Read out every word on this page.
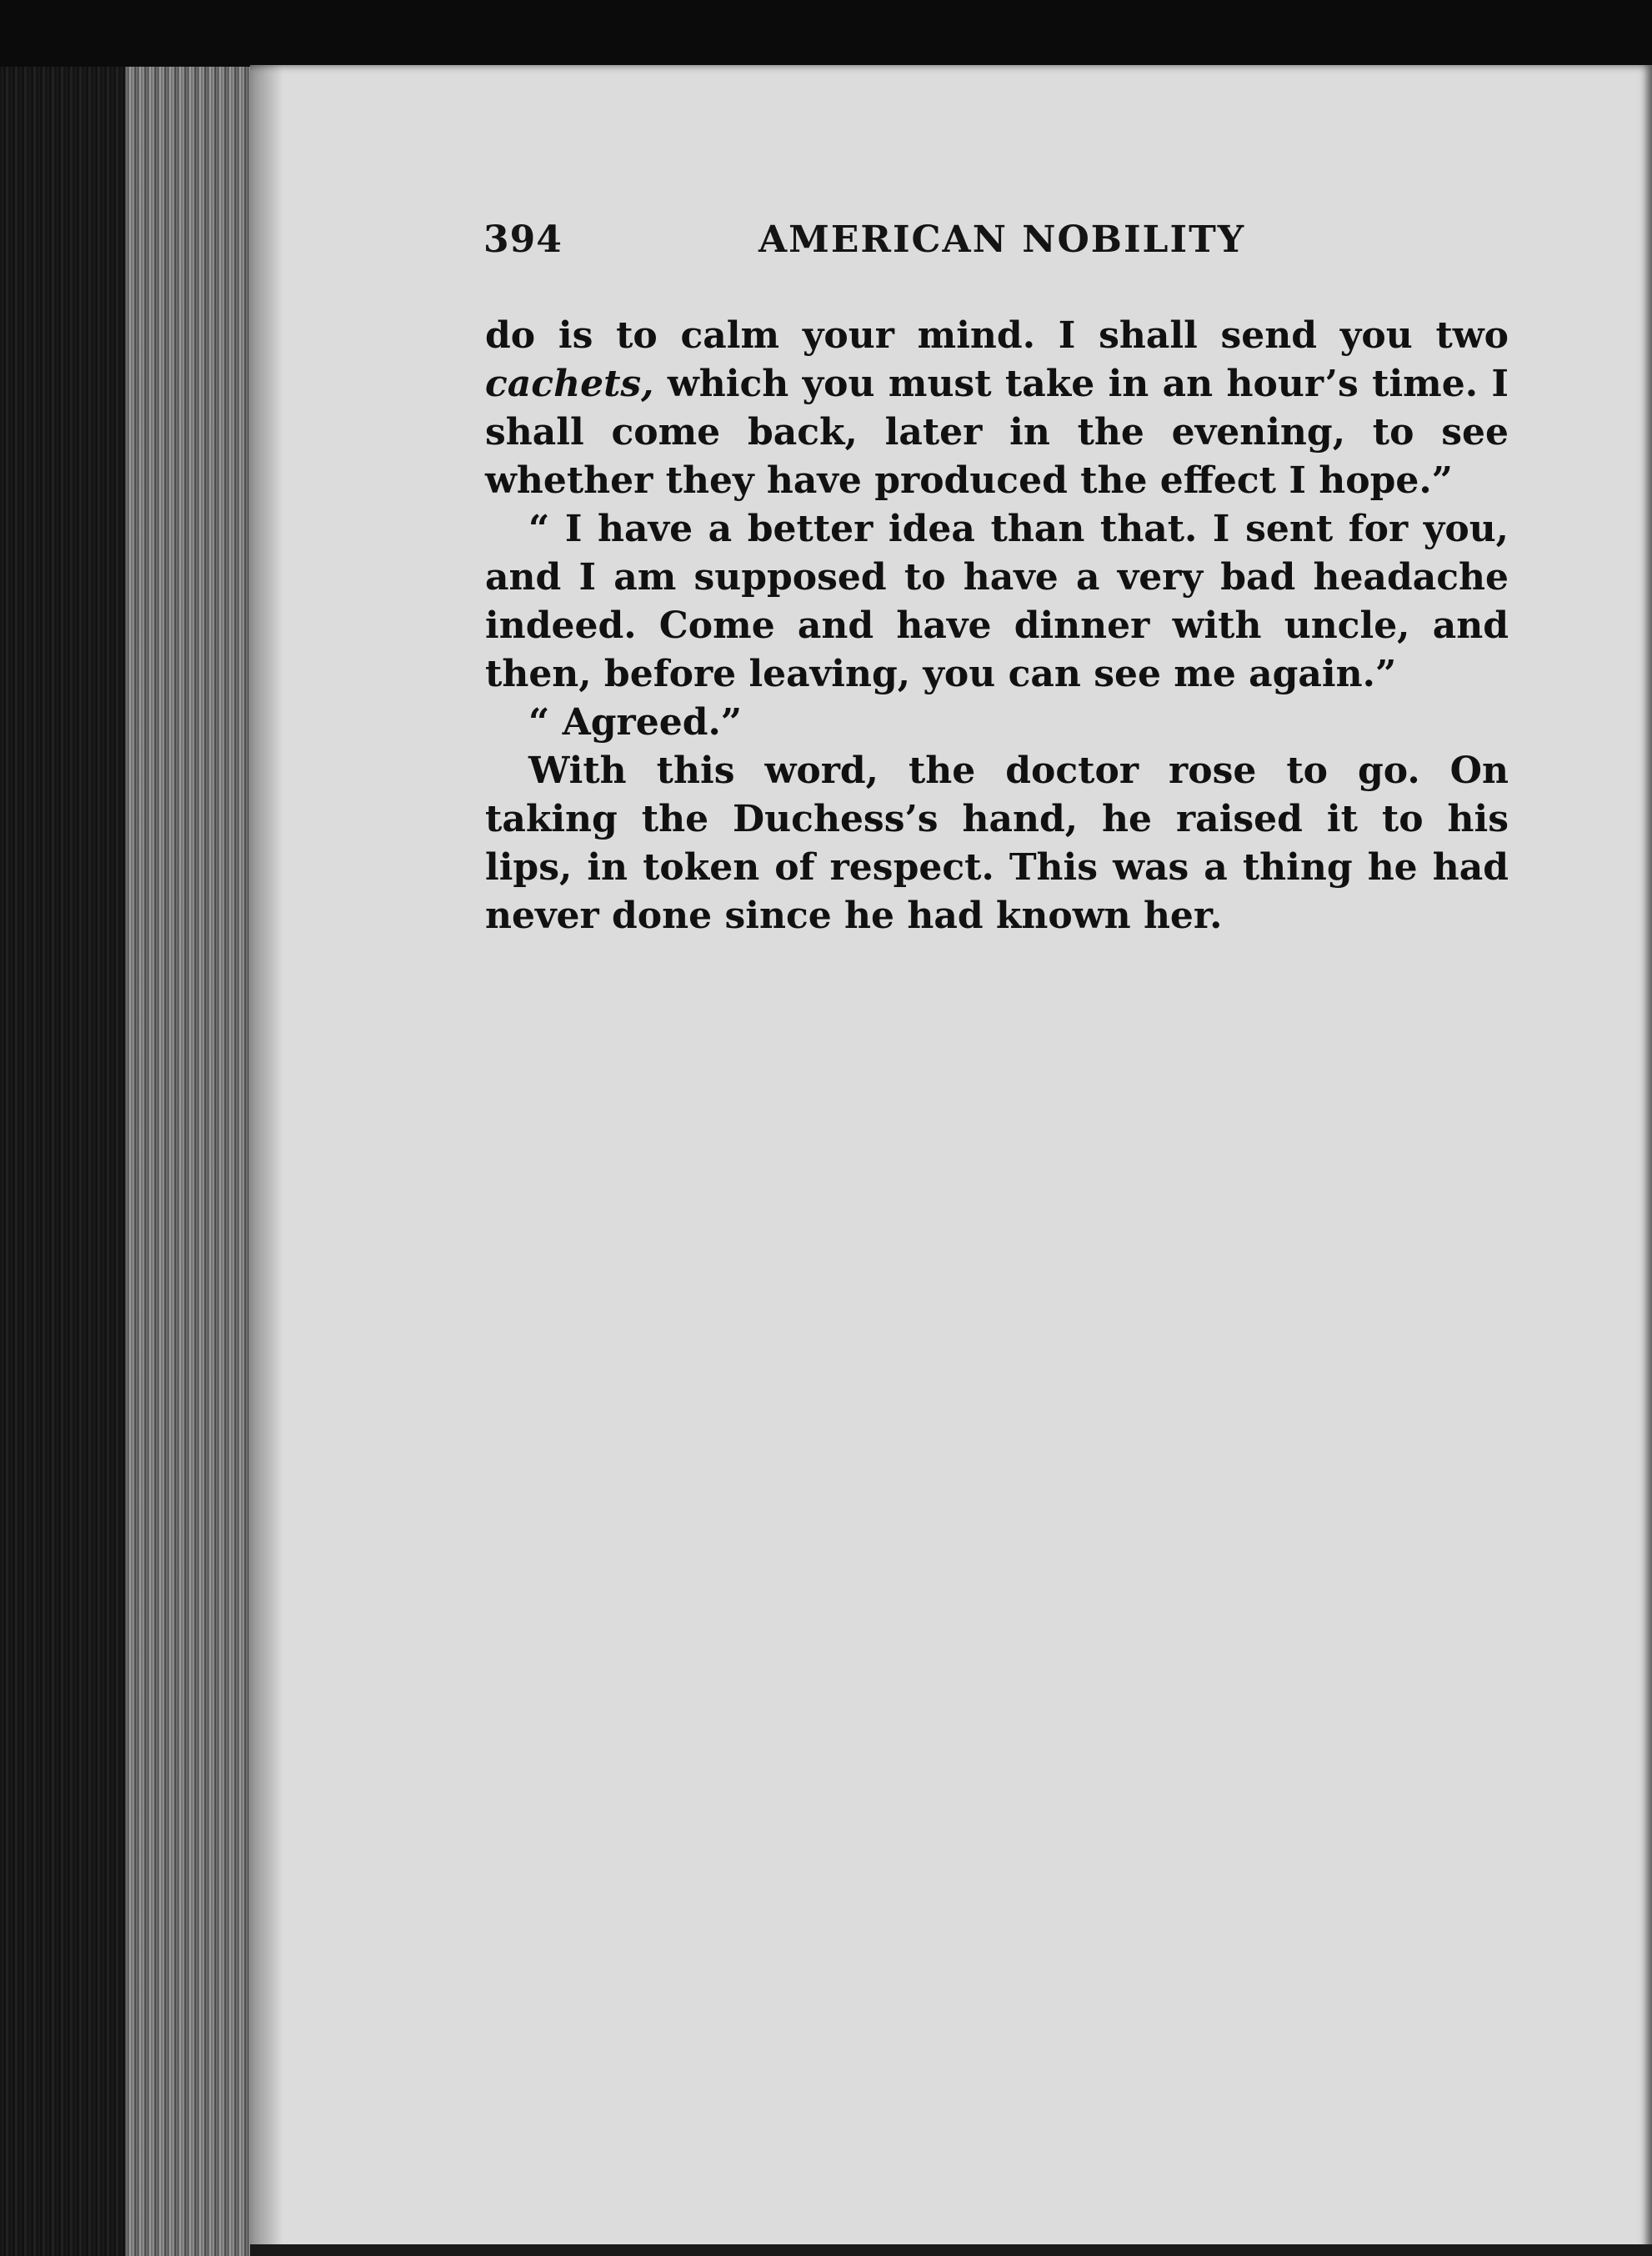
394	AMERICAN NOBILITY

do is to calm your mind. I shall send you two cachets, which you must take in an hour’s time. I shall come back, later in the evening, to see whether they have produced the effect I hope.”

“ I have a better idea than that. I sent for you, and I am supposed to have a very bad headache indeed. Come and have dinner with uncle, and then, before leaving, you can see me again.”

“ Agreed.”

With this word, the doctor rose to go. On taking the Duchess’s hand, he raised it to his lips, in token of respect. This was a thing he had never done since he had known her.
